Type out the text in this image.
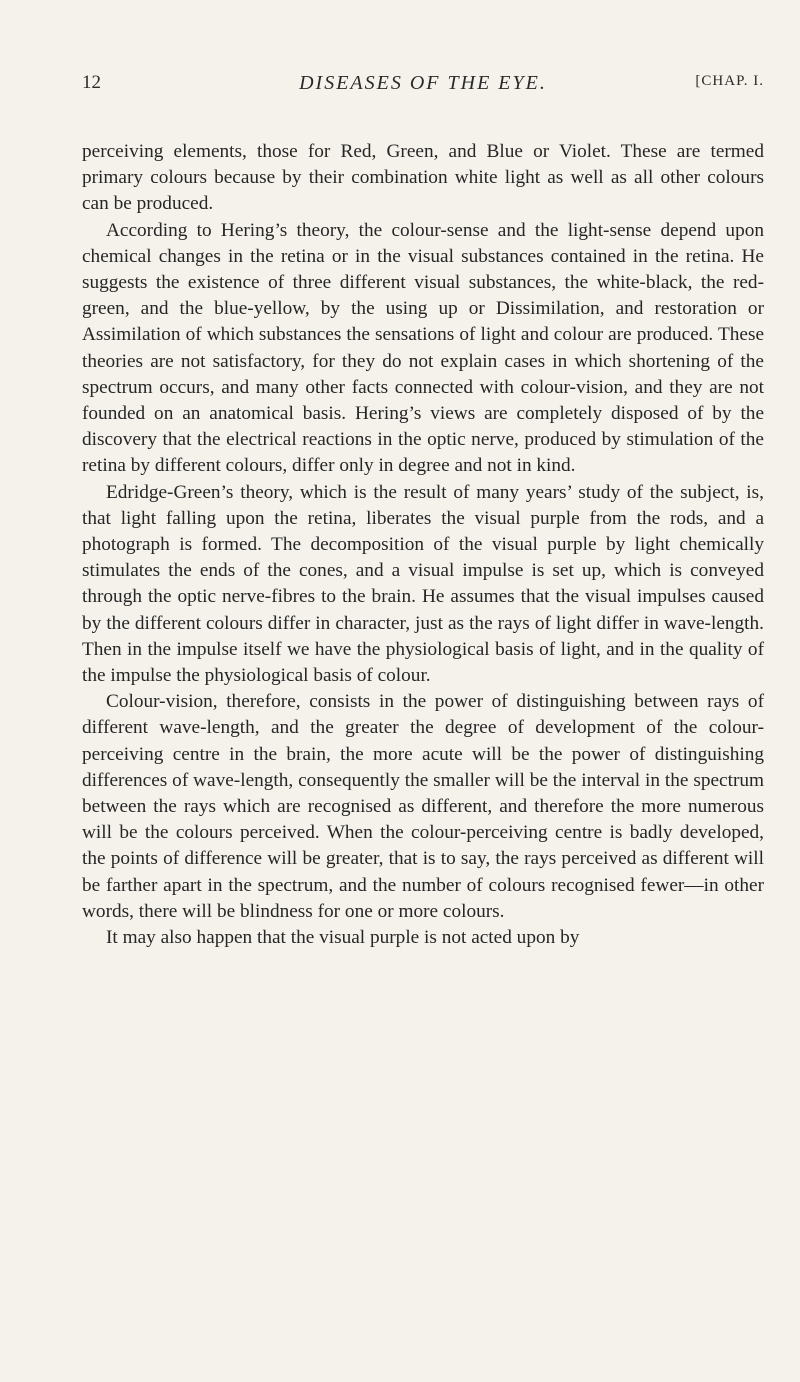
12	DISEASES OF THE EYE.	[CHAP. I.

perceiving elements, those for Red, Green, and Blue or Violet. These are termed primary colours because by their combination white light as well as all other colours can be produced.

According to Hering’s theory, the colour-sense and the light-sense depend upon chemical changes in the retina or in the visual substances contained in the retina. He suggests the existence of three different visual substances, the white-black, the red-green, and the blue-yellow, by the using up or Dissimilation, and restoration or Assimilation of which substances the sensations of light and colour are produced. These theories are not satisfactory, for they do not explain cases in which shortening of the spectrum occurs, and many other facts connected with colour-vision, and they are not founded on an anatomical basis. Hering’s views are completely disposed of by the discovery that the electrical reactions in the optic nerve, produced by stimulation of the retina by different colours, differ only in degree and not in kind.

Edridge-Green’s theory, which is the result of many years’ study of the subject, is, that light falling upon the retina, liberates the visual purple from the rods, and a photograph is formed. The decomposition of the visual purple by light chemically stimulates the ends of the cones, and a visual impulse is set up, which is conveyed through the optic nerve-fibres to the brain. He assumes that the visual impulses caused by the different colours differ in character, just as the rays of light differ in wave-length. Then in the impulse itself we have the physiological basis of light, and in the quality of the impulse the physiological basis of colour.

Colour-vision, therefore, consists in the power of distinguishing between rays of different wave-length, and the greater the degree of development of the colour-perceiving centre in the brain, the more acute will be the power of distinguishing differences of wave-length, consequently the smaller will be the interval in the spectrum between the rays which are recognised as different, and therefore the more numerous will be the colours perceived. When the colour-perceiving centre is badly developed, the points of difference will be greater, that is to say, the rays perceived as different will be farther apart in the spectrum, and the number of colours recognised fewer—in other words, there will be blindness for one or more colours.

It may also happen that the visual purple is not acted upon by
